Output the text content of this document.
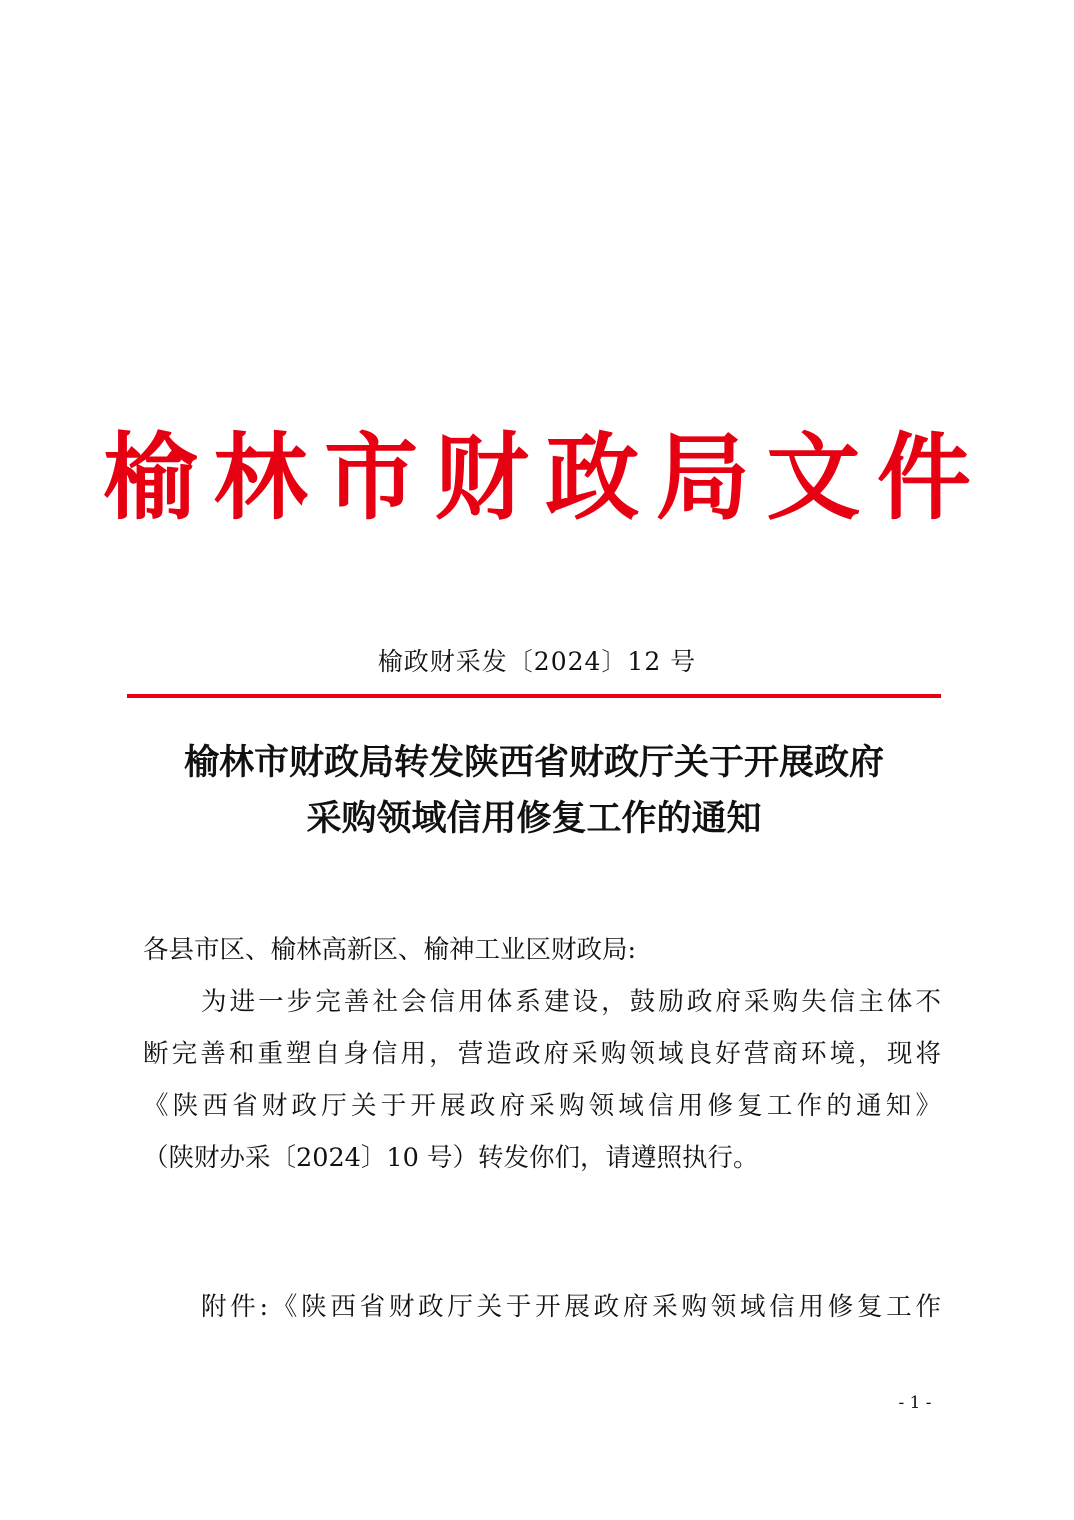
榆 林 市 财 政 局 文 件
榆政财采发〔2024〕12 号
榆林市财政局转发陕西省财政厅关于开展政府
采购领域信用修复工作的通知
各县市区、榆林高新区、榆神工业区财政局:
为进一步完善社会信用体系建设，鼓励政府采购失信主体不
断完善和重塑自身信用，营造政府采购领域良好营商环境，现将
《陕西省财政厅关于开展政府采购领域信用修复工作的通知》
（陕财办采〔2024〕10 号）转发你们，请遵照执行。
附件:《陕西省财政厅关于开展政府采购领域信用修复工作
- 1 -
